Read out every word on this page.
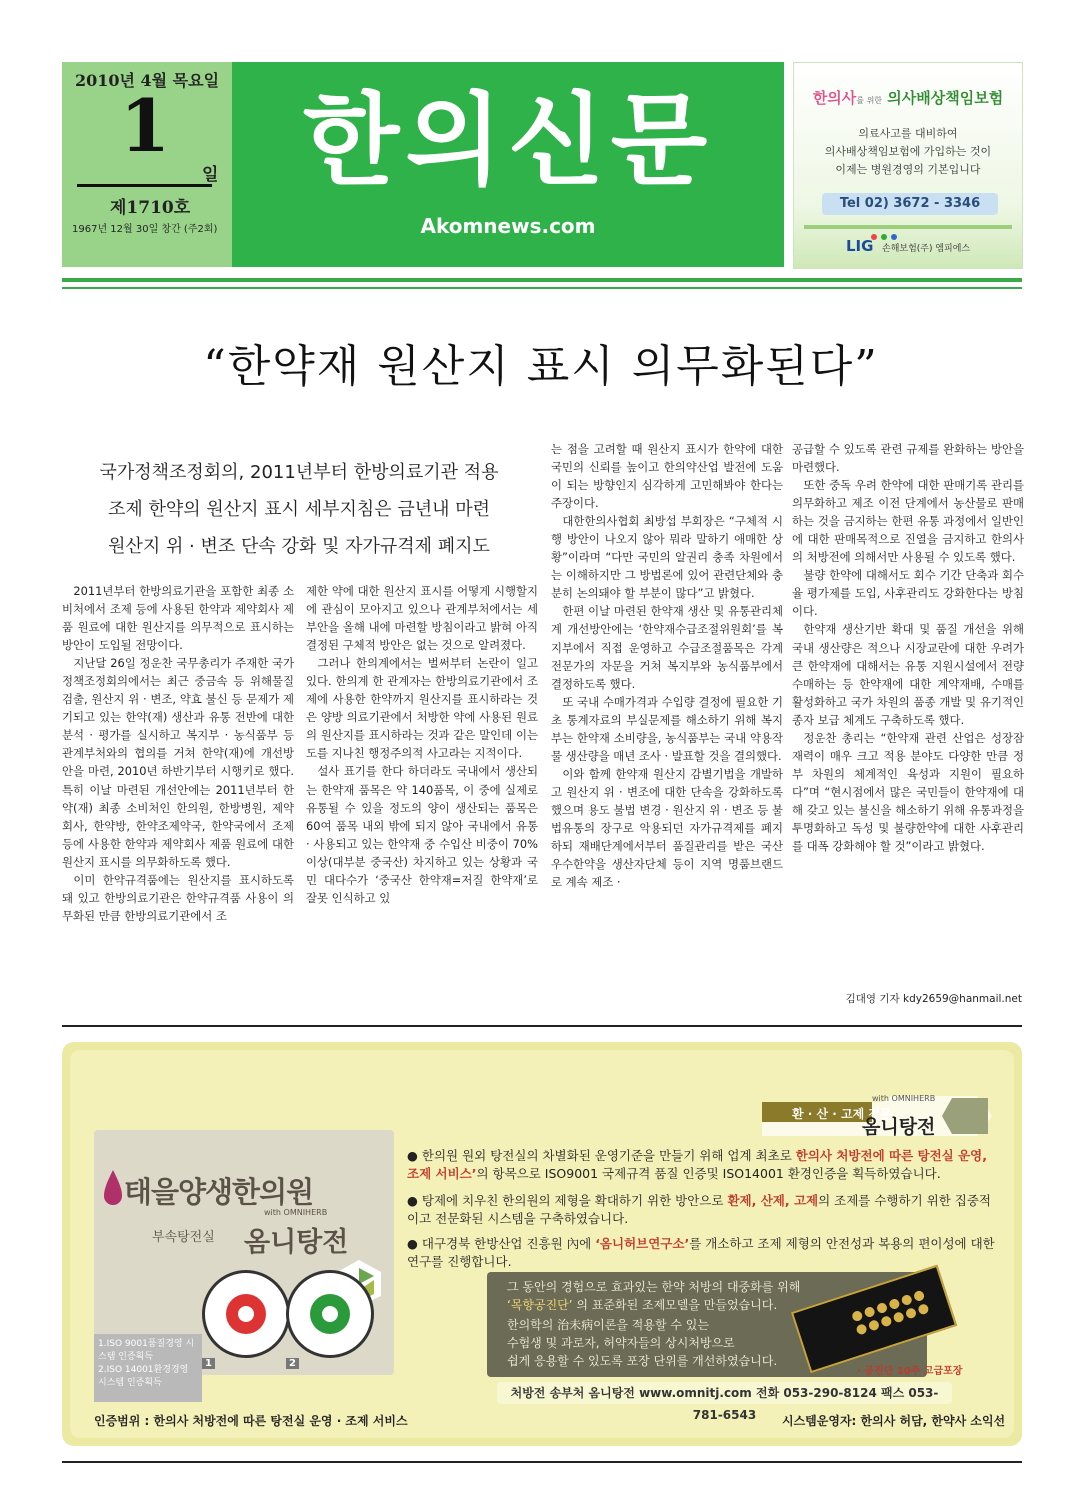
2010년 4월 목요일
1
일
제1710호
1967년 12월 30일 창간 (주2회)
한의신문
Akomnews.com
한의사를 위한 의사배상책임보험
의료사고를 대비하여
의사배상책임보험에 가입하는 것이
이제는 병원경영의 기본입니다
Tel 02) 3672 - 3346
LIG 손해보험(주) 엠피에스
“한약재 원산지 표시 의무화된다”
국가정책조정회의, 2011년부터 한방의료기관 적용
조제 한약의 원산지 표시 세부지침은 금년내 마련
원산지 위 · 변조 단속 강화 및 자가규격제 폐지도

2011년부터 한방의료기관을 포함한 최종 소비처에서 조제 등에 사용된 한약과 제약회사 제품 원료에 대한 원산지를 의무적으로 표시하는 방안이 도입될 전망이다.

지난달 26일 정운찬 국무총리가 주재한 국가정책조정회의에서는 최근 중금속 등 위해물질 검출, 원산지 위 · 변조, 약효 불신 등 문제가 제기되고 있는 한약(재) 생산과 유통 전반에 대한 분석 · 평가를 실시하고 복지부 · 농식품부 등 관계부처와의 협의를 거쳐 한약(재)에 개선방안을 마련, 2010년 하반기부터 시행키로 했다. 특히 이날 마련된 개선안에는 2011년부터 한약(재) 최종 소비처인 한의원, 한방병원, 제약회사, 한약방, 한약조제약국, 한약국에서 조제 등에 사용한 한약과 제약회사 제품 원료에 대한 원산지 표시를 의무화하도록 했다.

이미 한약규격품에는 원산지를 표시하도록 돼 있고 한방의료기관은 한약규격품 사용이 의무화된 만큼 한방의료기관에서 조

제한 약에 대한 원산지 표시를 어떻게 시행할지에 관심이 모아지고 있으나 관계부처에서는 세부안을 올해 내에 마련할 방침이라고 밝혀 아직 결정된 구체적 방안은 없는 것으로 알려졌다.

그러나 한의계에서는 벌써부터 논란이 일고 있다. 한의계 한 관계자는 한방의료기관에서 조제에 사용한 한약까지 원산지를 표시하라는 것은 양방 의료기관에서 처방한 약에 사용된 원료의 원산지를 표시하라는 것과 같은 말인데 이는 도를 지나친 행정주의적 사고라는 지적이다.

설사 표기를 한다 하더라도 국내에서 생산되는 한약재 품목은 약 140품목, 이 중에 실제로 유통될 수 있을 정도의 양이 생산되는 품목은 60여 품목 내외 밖에 되지 않아 국내에서 유통 · 사용되고 있는 한약재 중 수입산 비중이 70% 이상(대부분 중국산) 차지하고 있는 상황과 국민 대다수가 ‘중국산 한약재=저질 한약재’로 잘못 인식하고 있

는 점을 고려할 때 원산지 표시가 한약에 대한 국민의 신뢰를 높이고 한의약산업 발전에 도움이 되는 방향인지 심각하게 고민해봐야 한다는 주장이다.

대한한의사협회 최방섭 부회장은 “구체적 시행 방안이 나오지 않아 뭐라 말하기 애매한 상황”이라며 “다만 국민의 알권리 충족 차원에서는 이해하지만 그 방법론에 있어 관련단체와 충분히 논의돼야 할 부분이 많다”고 밝혔다.

한편 이날 마련된 한약재 생산 및 유통관리체계 개선방안에는 ‘한약재수급조절위원회’를 복지부에서 직접 운영하고 수급조절품목은 각계 전문가의 자문을 거쳐 복지부와 농식품부에서 결정하도록 했다.

또 국내 수매가격과 수입량 결정에 필요한 기초 통계자료의 부실문제를 해소하기 위해 복지부는 한약재 소비량을, 농식품부는 국내 약용작물 생산량을 매년 조사 · 발표할 것을 결의했다.

이와 함께 한약재 원산지 감별기법을 개발하고 원산지 위 · 변조에 대한 단속을 강화하도록 했으며 용도 불법 변경 · 원산지 위 · 변조 등 불법유통의 장구로 악용되던 자가규격제를 폐지하되 재배단계에서부터 품질관리를 받은 국산 우수한약을 생산자단체 등이 지역 명품브랜드로 계속 제조 ·

공급할 수 있도록 관련 규제를 완화하는 방안을 마련했다.

또한 중독 우려 한약에 대한 판매기록 관리를 의무화하고 제조 이전 단계에서 농산물로 판매하는 것을 금지하는 한편 유통 과정에서 일반인에 대한 판매목적으로 진열을 금지하고 한의사의 처방전에 의해서만 사용될 수 있도록 했다.

불량 한약에 대해서도 회수 기간 단축과 회수율 평가제를 도입, 사후관리도 강화한다는 방침이다.

한약재 생산기반 확대 및 품질 개선을 위해 국내 생산량은 적으나 시장교란에 대한 우려가 큰 한약재에 대해서는 유통 지원시설에서 전량 수매하는 등 한약재에 대한 계약재배, 수매를 활성화하고 국가 차원의 품종 개발 및 유기적인 종자 보급 체계도 구축하도록 했다.

정운찬 총리는 “한약재 관련 산업은 성장잠재력이 매우 크고 적용 분야도 다양한 만큼 정부 차원의 체계적인 육성과 지원이 필요하다”며 “현시점에서 많은 국민들이 한약재에 대해 갖고 있는 불신을 해소하기 위해 유통과정을 투명화하고 독성 및 불량한약에 대한 사후관리를 대폭 강화해야 할 것”이라고 밝혔다.

김대영 기자 kdy2659@hanmail.net
환 · 산 · 고제 전문
with OMNIHERB
옴니탕전
태을양생한의원
부속탕전실
with OMNIHERB
옴니탕전
1	2
1.ISO 9001품질경영 시스템 인증획득
2.ISO 14001환경경영 시스템 인증획득
● 한의원 원외 탕전실의 차별화된 운영기준을 만들기 위해 업계 최초로 한의사 처방전에 따른 탕전실 운영, 조제 서비스’의 항목으로 ISO9001 국제규격 품질 인증및 ISO14001 환경인증을 획득하였습니다.
● 탕제에 치우친 한의원의 제형을 확대하기 위한 방안으로 환제, 산제, 고제의 조제를 수행하기 위한 집중적이고 전문화된 시스템을 구축하였습니다.
● 대구경북 한방산업 진흥원 內에 ‘옴니허브연구소’를 개소하고 조제 제형의 안전성과 복용의 편이성에 대한 연구를 진행합니다.
그 동안의 경험으로 효과있는 한약 처방의 대중화를 위해
‘목향공진단’ 의 표준화된 조제모델을 만들었습니다.
한의학의 治未病이론을 적용할 수 있는
수험생 및 과로자, 허약자들의 상시처방으로
쉽게 응용할 수 있도록 포장 단위를 개선하였습니다.
· 공진단 10주 고급포장
처방전 송부처 옴니탕전 www.omnitj.com 전화 053-290-8124 팩스 053-781-6543
인증범위 : 한의사 처방전에 따른 탕전실 운영 · 조제 서비스	시스템운영자: 한의사 허담, 한약사 소익선
